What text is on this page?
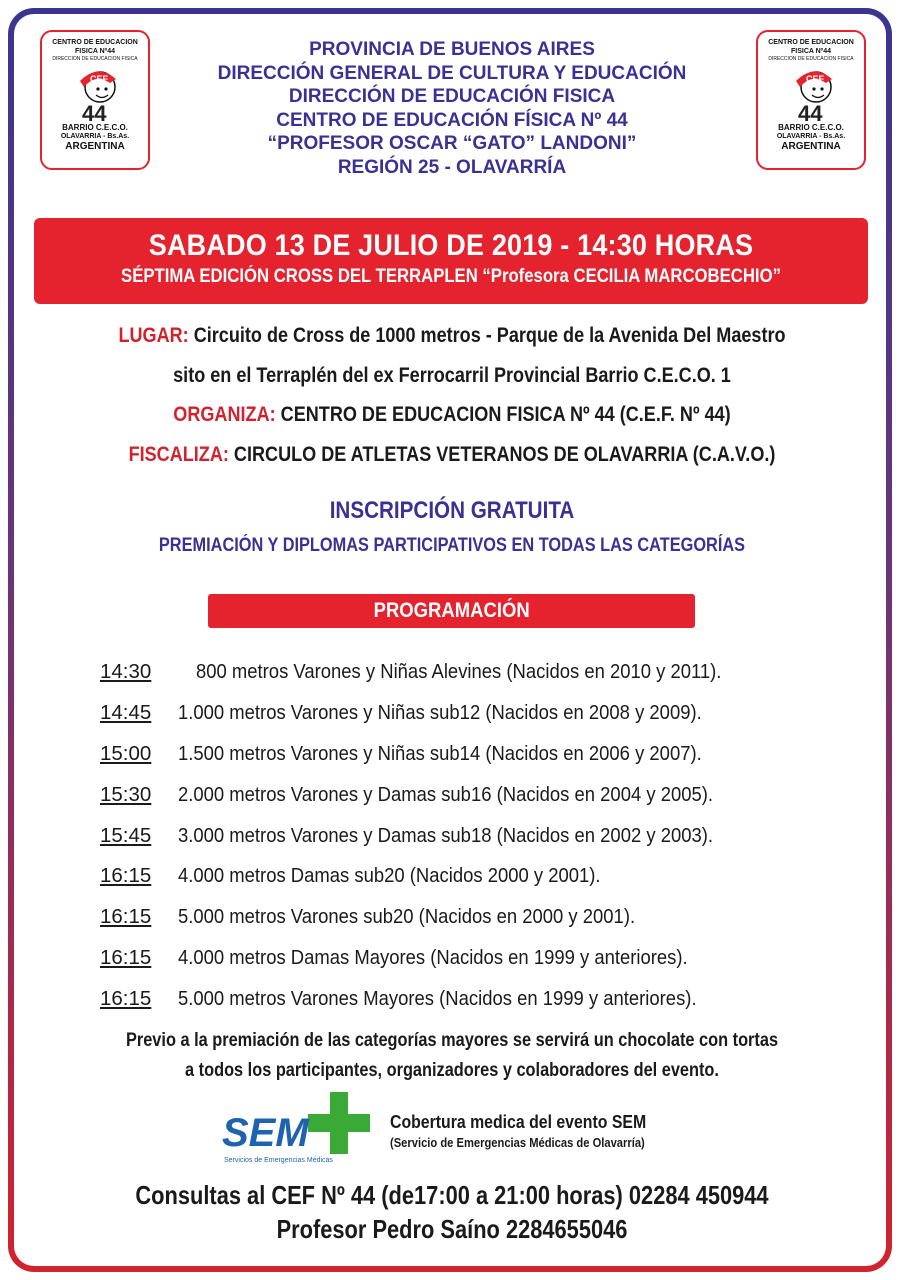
CENTRO DE EDUCACION FISICA Nº44
DIRECCION DE EDUCACION FISICA
CEF
44
BARRIO C.E.C.O.
OLAVARRIA - Bs.As.
ARGENTINA
CENTRO DE EDUCACION FISICA Nº44
DIRECCION DE EDUCACION FISICA
CEF
44
BARRIO C.E.C.O.
OLAVARRIA - Bs.As.
ARGENTINA
PROVINCIA DE BUENOS AIRES
DIRECCIÓN GENERAL DE CULTURA Y EDUCACIÓN
DIRECCIÓN DE EDUCACIÓN FISICA
CENTRO DE EDUCACIÓN FÍSICA Nº 44
“PROFESOR OSCAR “GATO” LANDONI”
REGIÓN 25 - OLAVARRÍA
SABADO 13 DE JULIO DE 2019 - 14:30 HORAS
SÉPTIMA EDICIÓN CROSS DEL TERRAPLEN “Profesora CECILIA MARCOBECHIO”
LUGAR: Circuito de Cross de 1000 metros - Parque de la Avenida Del Maestro
sito en el Terraplén del ex Ferrocarril Provincial Barrio C.E.C.O. 1
ORGANIZA: CENTRO DE EDUCACION FISICA Nº 44 (C.E.F. Nº 44)
FISCALIZA: CIRCULO DE ATLETAS VETERANOS DE OLAVARRIA (C.A.V.O.)
INSCRIPCIÓN GRATUITA
PREMIACIÓN Y DIPLOMAS PARTICIPATIVOS EN TODAS LAS CATEGORÍAS
PROGRAMACIÓN
14:30	800 metros Varones y Niñas Alevines (Nacidos en 2010 y 2011).
14:45	1.000 metros Varones y Niñas sub12 (Nacidos en 2008 y 2009).
15:00	1.500 metros Varones y Niñas sub14 (Nacidos en 2006 y 2007).
15:30	2.000 metros Varones y Damas sub16 (Nacidos en 2004 y 2005).
15:45	3.000 metros Varones y Damas sub18 (Nacidos en 2002 y 2003).
16:15	4.000 metros Damas sub20 (Nacidos 2000 y 2001).
16:15	5.000 metros Varones sub20 (Nacidos en 2000 y 2001).
16:15	4.000 metros Damas Mayores (Nacidos en 1999 y anteriores).
16:15	5.000 metros Varones Mayores (Nacidos en 1999 y anteriores).
Previo a la premiación de las categorías mayores se servirá un chocolate con tortas
a todos los participantes, organizadores y colaboradores del evento.
SEM
Servicios de Emergencias Médicas
Cobertura medica del evento SEM
(Servicio de Emergencias Médicas de Olavarría)
Consultas al CEF Nº 44 (de17:00 a 21:00 horas) 02284 450944
Profesor Pedro Saíno 2284655046
